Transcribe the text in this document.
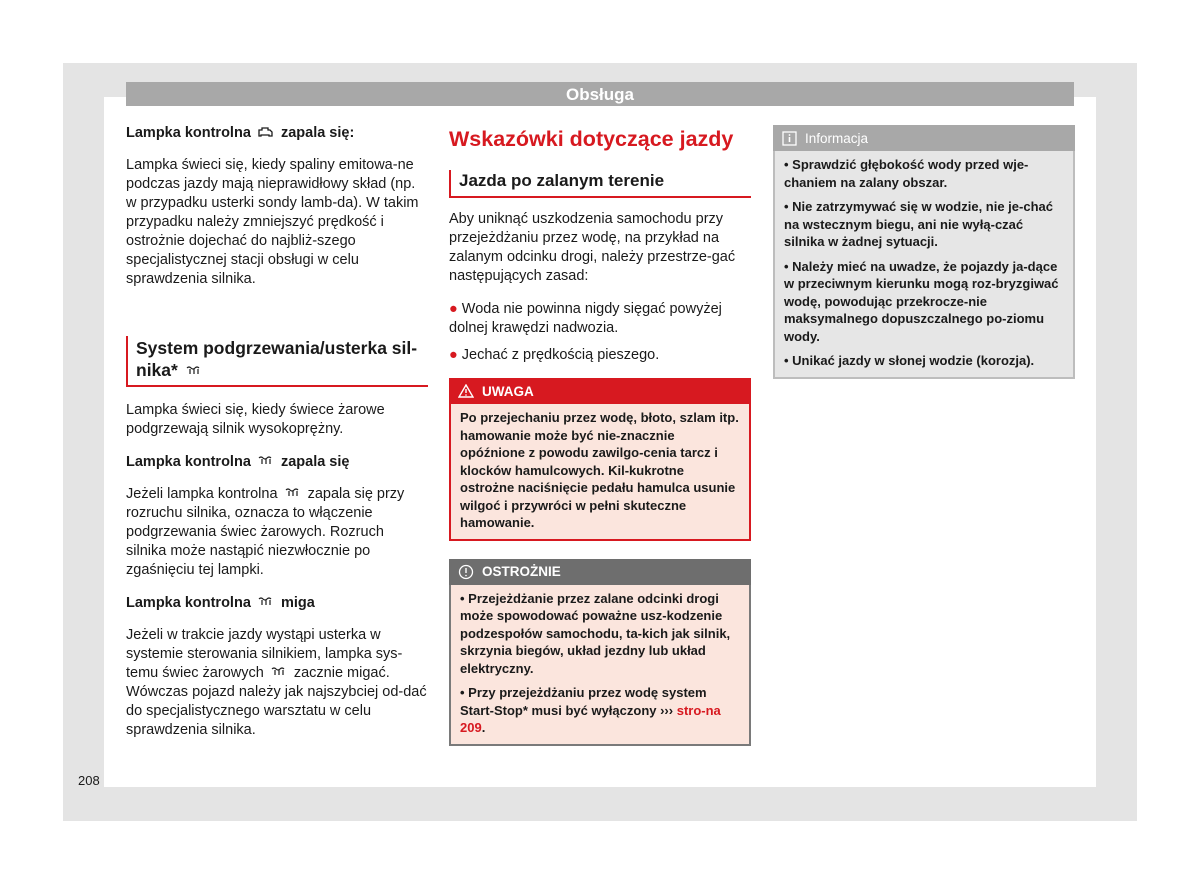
Obsługa
Lampka kontrolna zapala się:

Lampka świeci się, kiedy spaliny emitowa-ne podczas jazdy mają nieprawidłowy skład (np. w przypadku usterki sondy lamb-da). W takim przypadku należy zmniejszyć prędkość i ostrożnie dojechać do najbliż-szego specjalistycznej stacji obsługi w celu sprawdzenia silnika.

System podgrzewania/usterka sil-nika*

Lampka świeci się, kiedy świece żarowe podgrzewają silnik wysokoprężny.

Lampka kontrolna zapala się

Jeżeli lampka kontrolna zapala się przy rozruchu silnika, oznacza to włączenie podgrzewania świec żarowych. Rozruch silnika może nastąpić niezwłocznie po zgaśnięciu tej lampki.

Lampka kontrolna miga

Jeżeli w trakcie jazdy wystąpi usterka w systemie sterowania silnikiem, lampka sys-temu świec żarowych zacznie migać. Wówczas pojazd należy jak najszybciej od-dać do specjalistycznego warsztatu w celu sprawdzenia silnika.

Wskazówki dotyczące jazdy
Jazda po zalanym terenie

Aby uniknąć uszkodzenia samochodu przy przejeżdżaniu przez wodę, na przykład na zalanym odcinku drogi, należy przestrze-gać następujących zasad:

● Woda nie powinna nigdy sięgać powyżej dolnej krawędzi nadwozia.
● Jechać z prędkością pieszego.
UWAGA
Po przejechaniu przez wodę, błoto, szlam itp. hamowanie może być nie-znacznie opóźnione z powodu zawilgo-cenia tarcz i klocków hamulcowych. Kil-kukrotne ostrożne naciśnięcie pedału hamulca usunie wilgoć i przywróci w pełni skuteczne hamowanie.
OSTROŻNIE
• Przejeżdżanie przez zalane odcinki drogi może spowodować poważne usz-kodzenie podzespołów samochodu, ta-kich jak silnik, skrzynia biegów, układ jezdny lub układ elektryczny.
• Przy przejeżdżaniu przez wodę system Start-Stop* musi być wyłączony ››› stro-na 209.
Informacja
• Sprawdzić głębokość wody przed wje-chaniem na zalany obszar.
• Nie zatrzymywać się w wodzie, nie je-chać na wstecznym biegu, ani nie wyłą-czać silnika w żadnej sytuacji.
• Należy mieć na uwadze, że pojazdy ja-dące w przeciwnym kierunku mogą roz-bryzgiwać wodę, powodując przekrocze-nie maksymalnego dopuszczalnego po-ziomu wody.
• Unikać jazdy w słonej wodzie (korozja).
208
